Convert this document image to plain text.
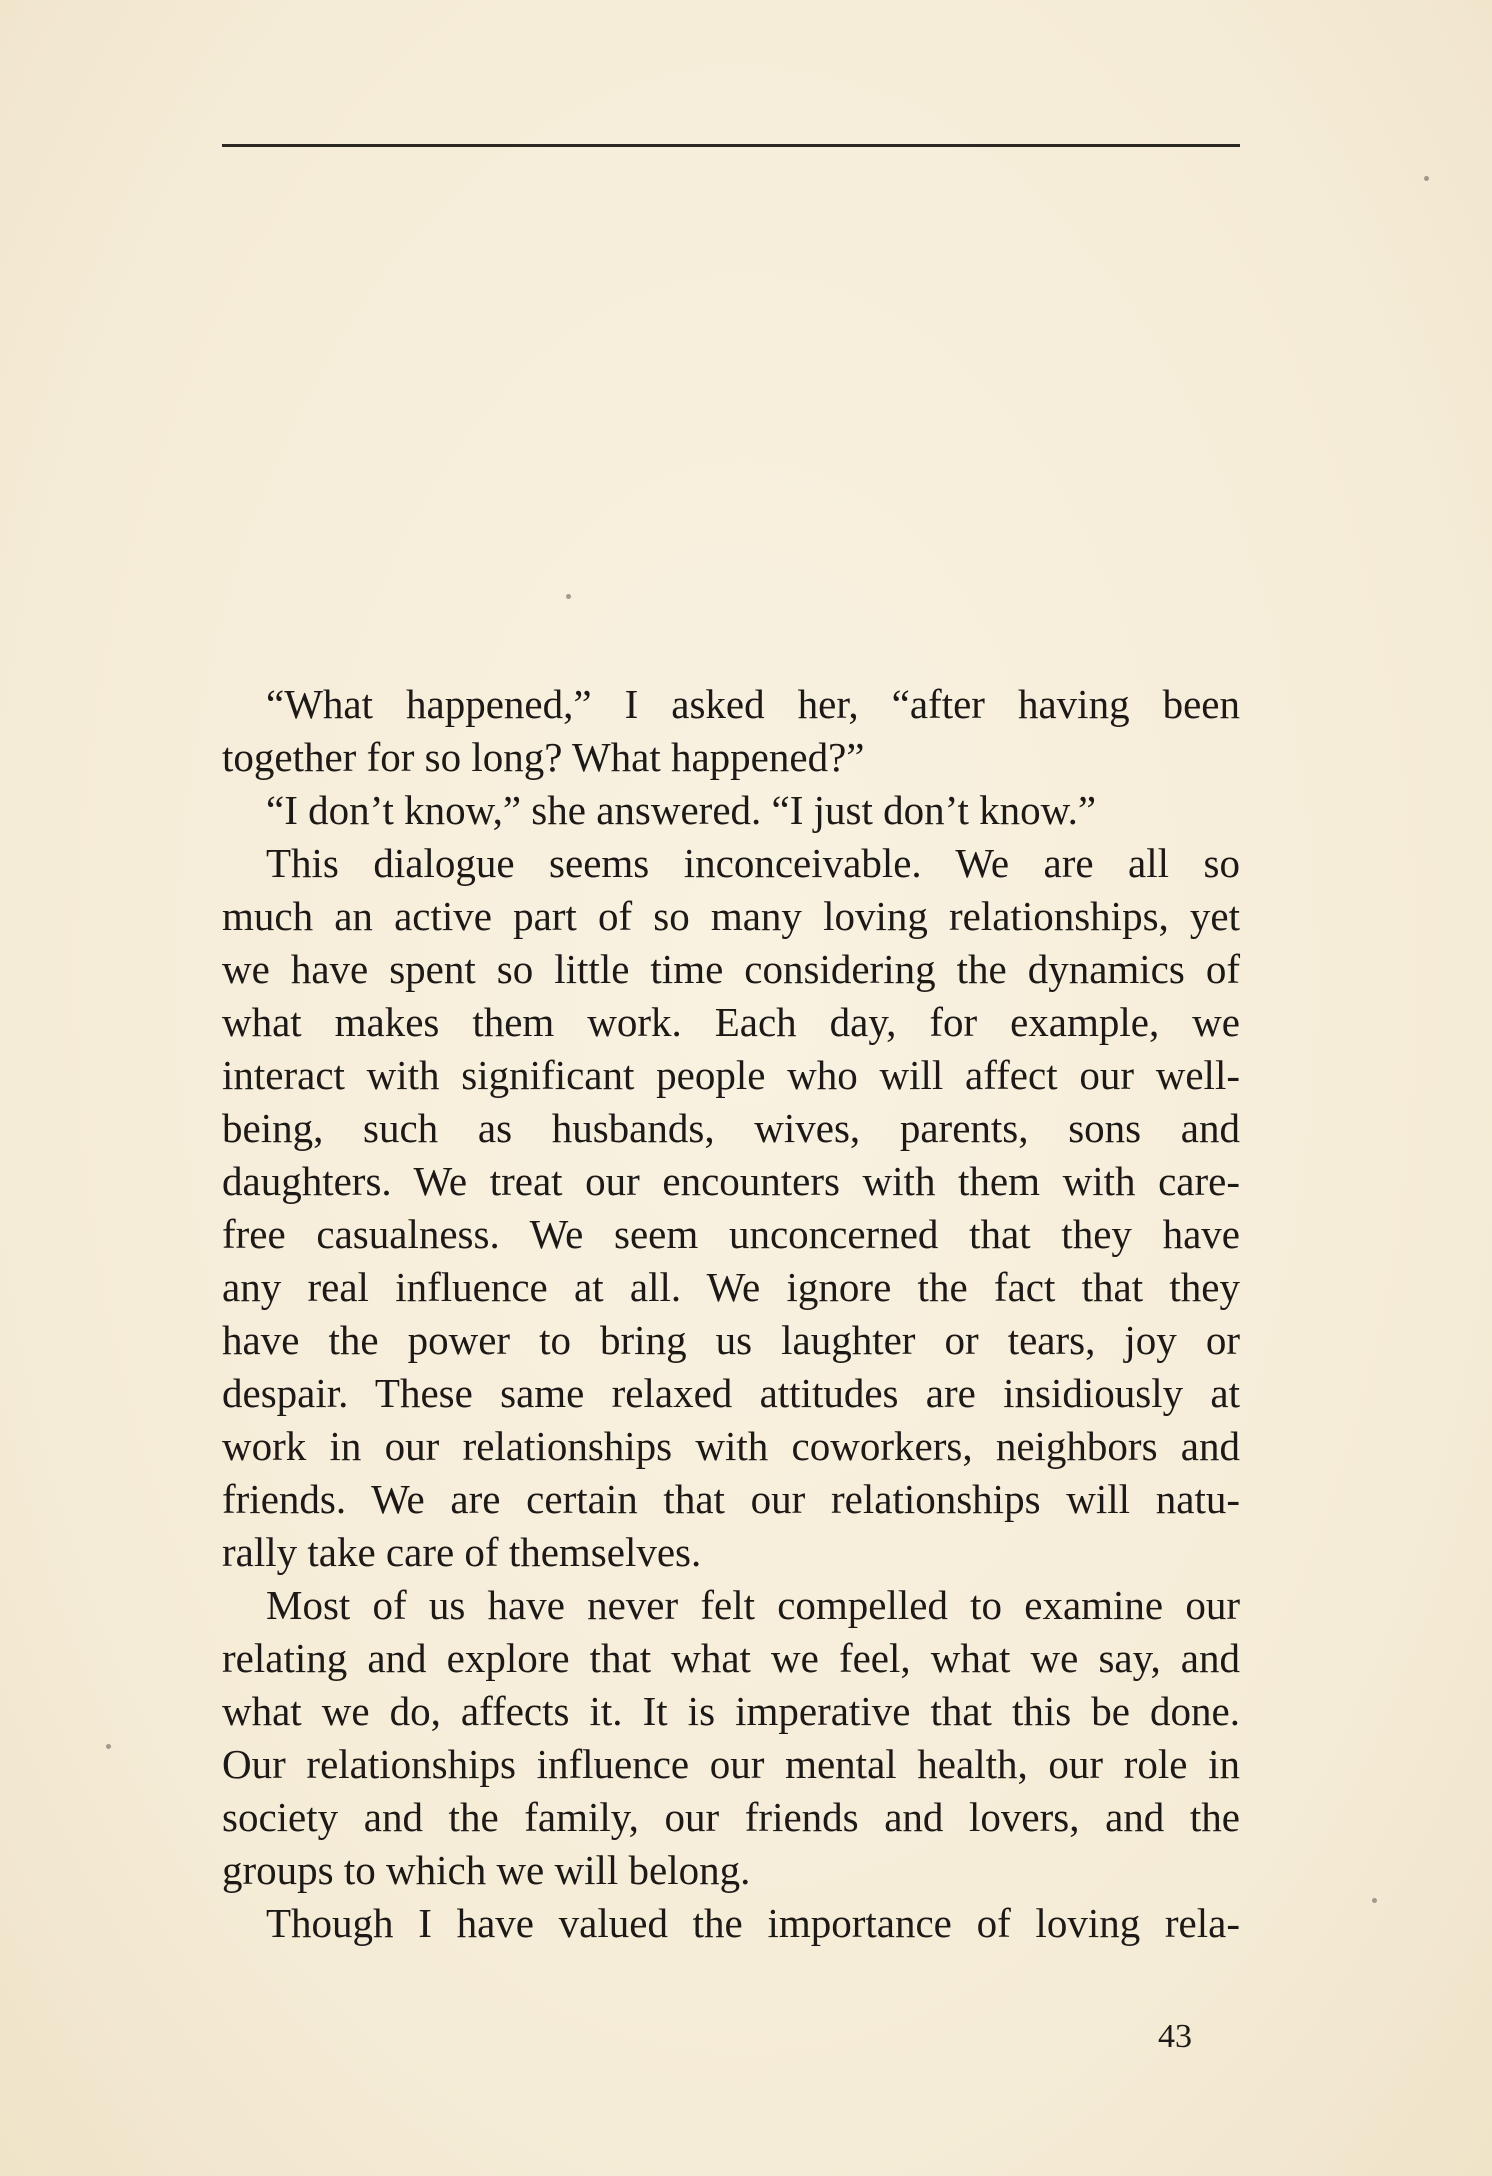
“What happened,” I asked her, “after having been
together for so long? What happened?”
“I don’t know,” she answered. “I just don’t know.”
This dialogue seems inconceivable. We are all so
much an active part of so many loving relationships, yet
we have spent so little time considering the dynamics of
what makes them work. Each day, for example, we
interact with significant people who will affect our well-
being, such as husbands, wives, parents, sons and
daughters. We treat our encounters with them with care-
free casualness. We seem unconcerned that they have
any real influence at all. We ignore the fact that they
have the power to bring us laughter or tears, joy or
despair. These same relaxed attitudes are insidiously at
work in our relationships with coworkers, neighbors and
friends. We are certain that our relationships will natu-
rally take care of themselves.
Most of us have never felt compelled to examine our
relating and explore that what we feel, what we say, and
what we do, affects it. It is imperative that this be done.
Our relationships influence our mental health, our role in
society and the family, our friends and lovers, and the
groups to which we will belong.
Though I have valued the importance of loving rela-
43
